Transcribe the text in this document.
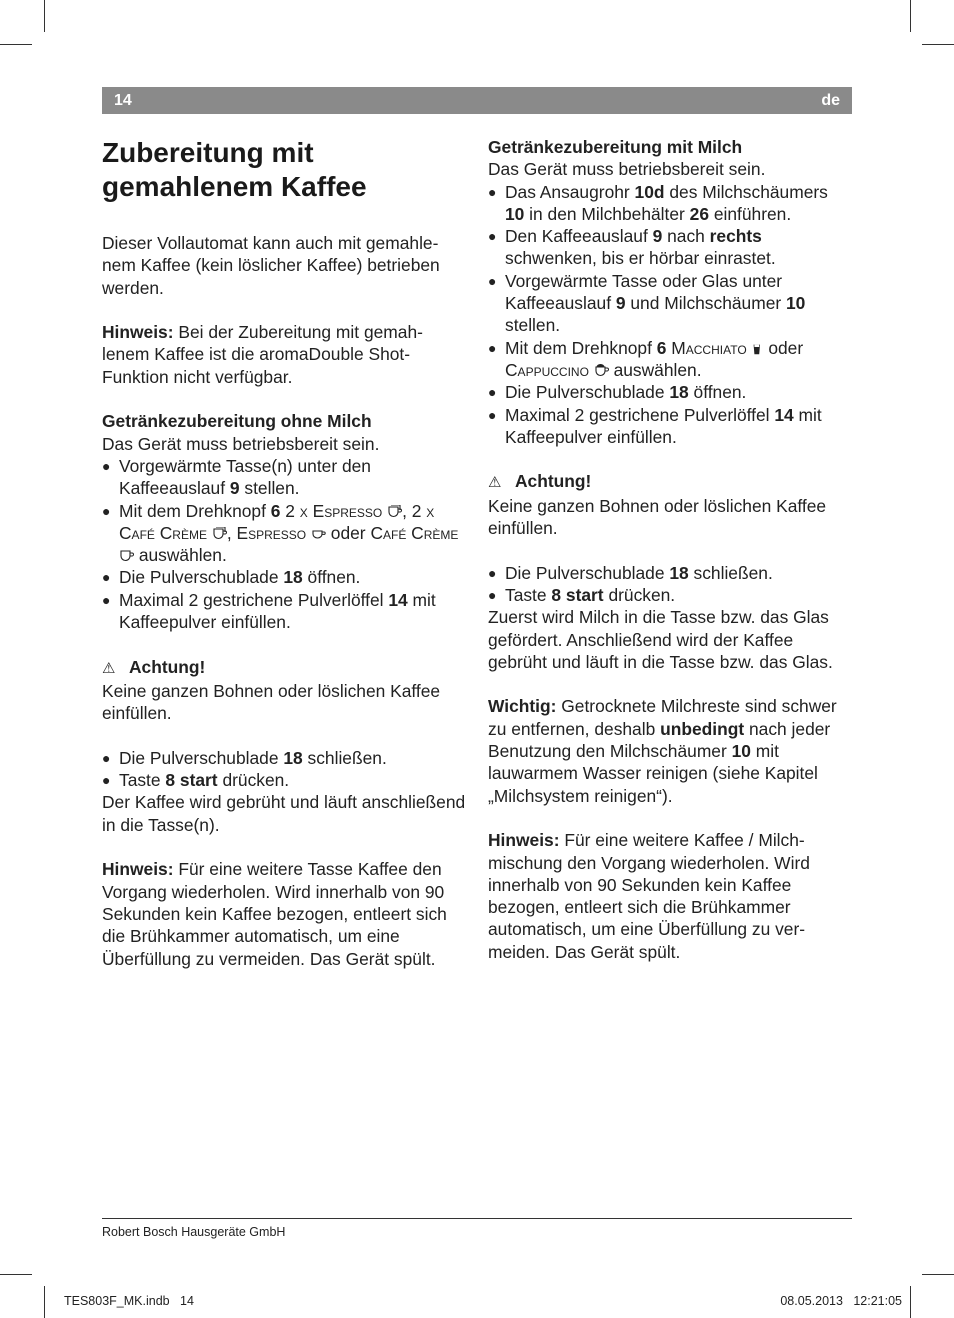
14	de
Zubereitung mit
gemahlenem Kaffee

Dieser Vollautomat kann auch mit gemahle-nem Kaffee (kein löslicher Kaffee) betrieben werden.

Hinweis: Bei der Zubereitung mit gemah-lenem Kaffee ist die aromaDouble Shot-Funktion nicht verfügbar.

Getränkezubereitung ohne Milch

Das Gerät muss betriebsbereit sein.

● Vorgewärmte Tasse(n) unter den Kaffeeauslauf 9 stellen.
● Mit dem Drehknopf 6 2 x Espresso , 2 x Café Crème , Espresso  oder Café Crème  auswählen.
● Die Pulverschublade 18 öffnen.
● Maximal 2 gestrichene Pulverlöffel 14 mit Kaffeepulver einfüllen.

⚠ Achtung!

Keine ganzen Bohnen oder löslichen Kaffee einfüllen.

● Die Pulverschublade 18 schließen.
● Taste 8 start drücken.

Der Kaffee wird gebrüht und läuft anschließend in die Tasse(n).

Hinweis: Für eine weitere Tasse Kaffee den Vorgang wiederholen. Wird innerhalb von 90 Sekunden kein Kaffee bezogen, entleert sich die Brühkammer automatisch, um eine Überfüllung zu vermeiden. Das Gerät spült.

Getränkezubereitung mit Milch

Das Gerät muss betriebsbereit sein.

● Das Ansaugrohr 10d des Milchschäumers 10 in den Milchbehälter 26 einführen.
● Den Kaffeeauslauf 9 nach rechts schwenken, bis er hörbar einrastet.
● Vorgewärmte Tasse oder Glas unter Kaffeeauslauf 9 und Milchschäumer 10 stellen.
● Mit dem Drehknopf 6 Macchiato  oder
Cappuccino  auswählen.
● Die Pulverschublade 18 öffnen.
● Maximal 2 gestrichene Pulverlöffel 14 mit Kaffeepulver einfüllen.

⚠ Achtung!

Keine ganzen Bohnen oder löslichen Kaffee einfüllen.

● Die Pulverschublade 18 schließen.
● Taste 8 start drücken.

Zuerst wird Milch in die Tasse bzw. das Glas gefördert. Anschließend wird der Kaffee gebrüht und läuft in die Tasse bzw. das Glas.

Wichtig: Getrocknete Milchreste sind schwer zu entfernen, deshalb unbedingt nach jeder Benutzung den Milchschäumer 10 mit lauwarmem Wasser reinigen (siehe Kapitel „Milchsystem reinigen“).

Hinweis: Für eine weitere Kaffee / Milch-mischung den Vorgang wiederholen. Wird innerhalb von 90 Sekunden kein Kaffee bezogen, entleert sich die Brühkammer automatisch, um eine Überfüllung zu ver-meiden. Das Gerät spült.

Robert Bosch Hausgeräte GmbH
TES803F_MK.indb   14	08.05.2013   12:21:05
